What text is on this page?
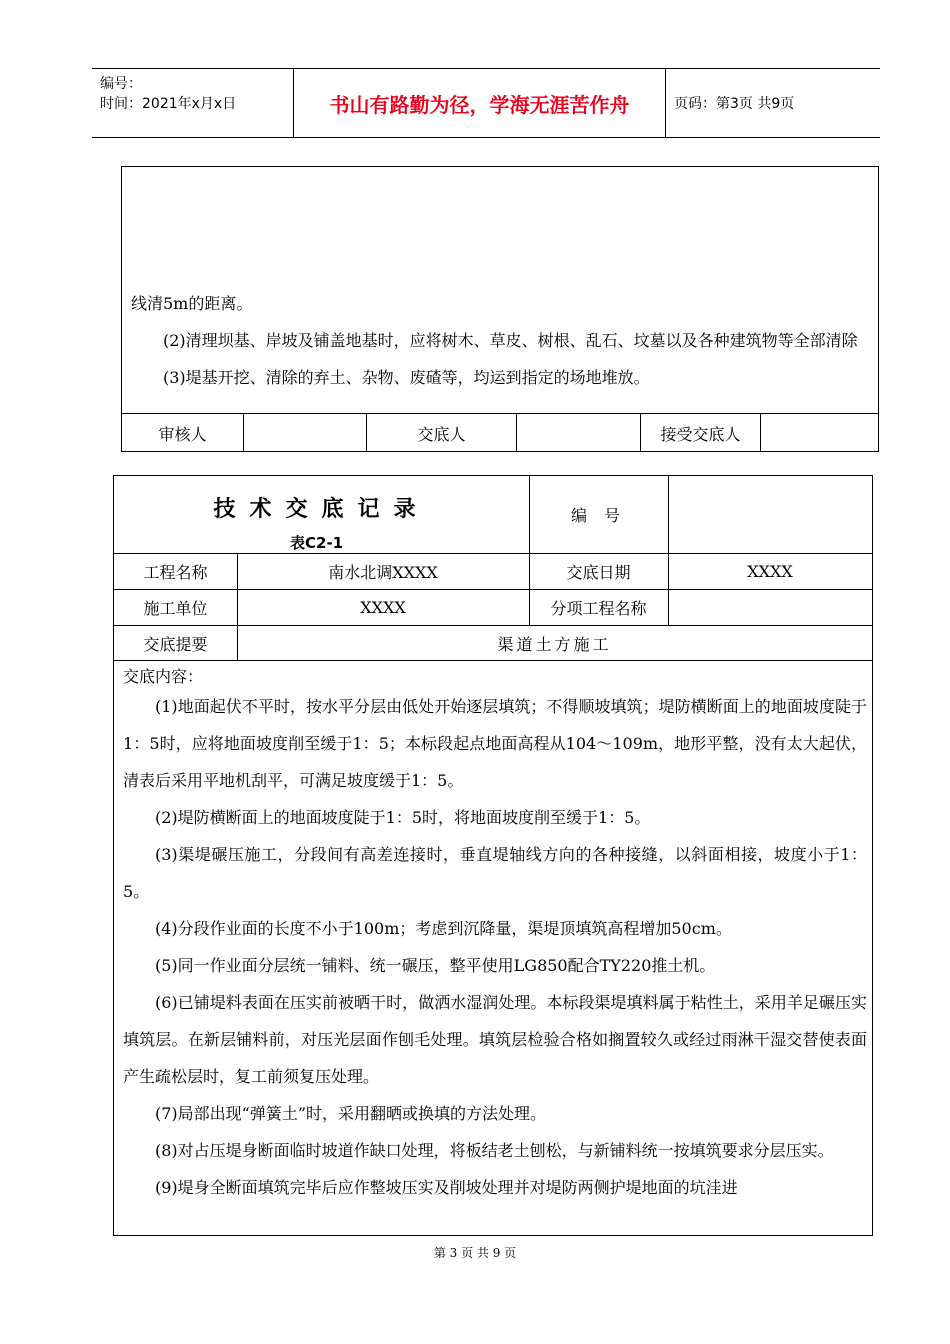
编号：
时间：2021年x月x日	书山有路勤为径，学海无涯苦作舟	页码：第3页 共9页

线清5m的距离。

(2)清理坝基、岸坡及铺盖地基时，应将树木、草皮、树根、乱石、坟墓以及各种建筑物等全部清除

(3)堤基开挖、清除的弃土、杂物、废碴等，均运到指定的场地堆放。

审核人	交底人	接受交底人
技术交底记录
表C2-1
编 号
工程名称	南水北调XXXX	交底日期	XXXX
施工单位	XXXX	分项工程名称
交底提要	渠道土方施工
交底内容：

(1)地面起伏不平时，按水平分层由低处开始逐层填筑；不得顺坡填筑；堤防横断面上的地面坡度陡于1：5时，应将地面坡度削至缓于1：5；本标段起点地面高程从104～109m，地形平整，没有太大起伏，清表后采用平地机刮平，可满足坡度缓于1：5。

(2)堤防横断面上的地面坡度陡于1：5时，将地面坡度削至缓于1：5。

(3)渠堤碾压施工，分段间有高差连接时，垂直堤轴线方向的各种接缝，以斜面相接，坡度小于1：5。

(4)分段作业面的长度不小于100m；考虑到沉降量，渠堤顶填筑高程增加50cm。

(5)同一作业面分层统一铺料、统一碾压，整平使用LG850配合TY220推土机。

(6)已铺堤料表面在压实前被晒干时，做洒水湿润处理。本标段渠堤填料属于粘性土，采用羊足碾压实填筑层。在新层铺料前，对压光层面作刨毛处理。填筑层检验合格如搁置较久或经过雨淋干湿交替使表面产生疏松层时，复工前须复压处理。

(7)局部出现“弹簧土”时，采用翻晒或换填的方法处理。

(8)对占压堤身断面临时坡道作缺口处理，将板结老土刨松，与新铺料统一按填筑要求分层压实。

(9)堤身全断面填筑完毕后应作整坡压实及削坡处理并对堤防两侧护堤地面的坑洼进

第 3 页 共 9 页
